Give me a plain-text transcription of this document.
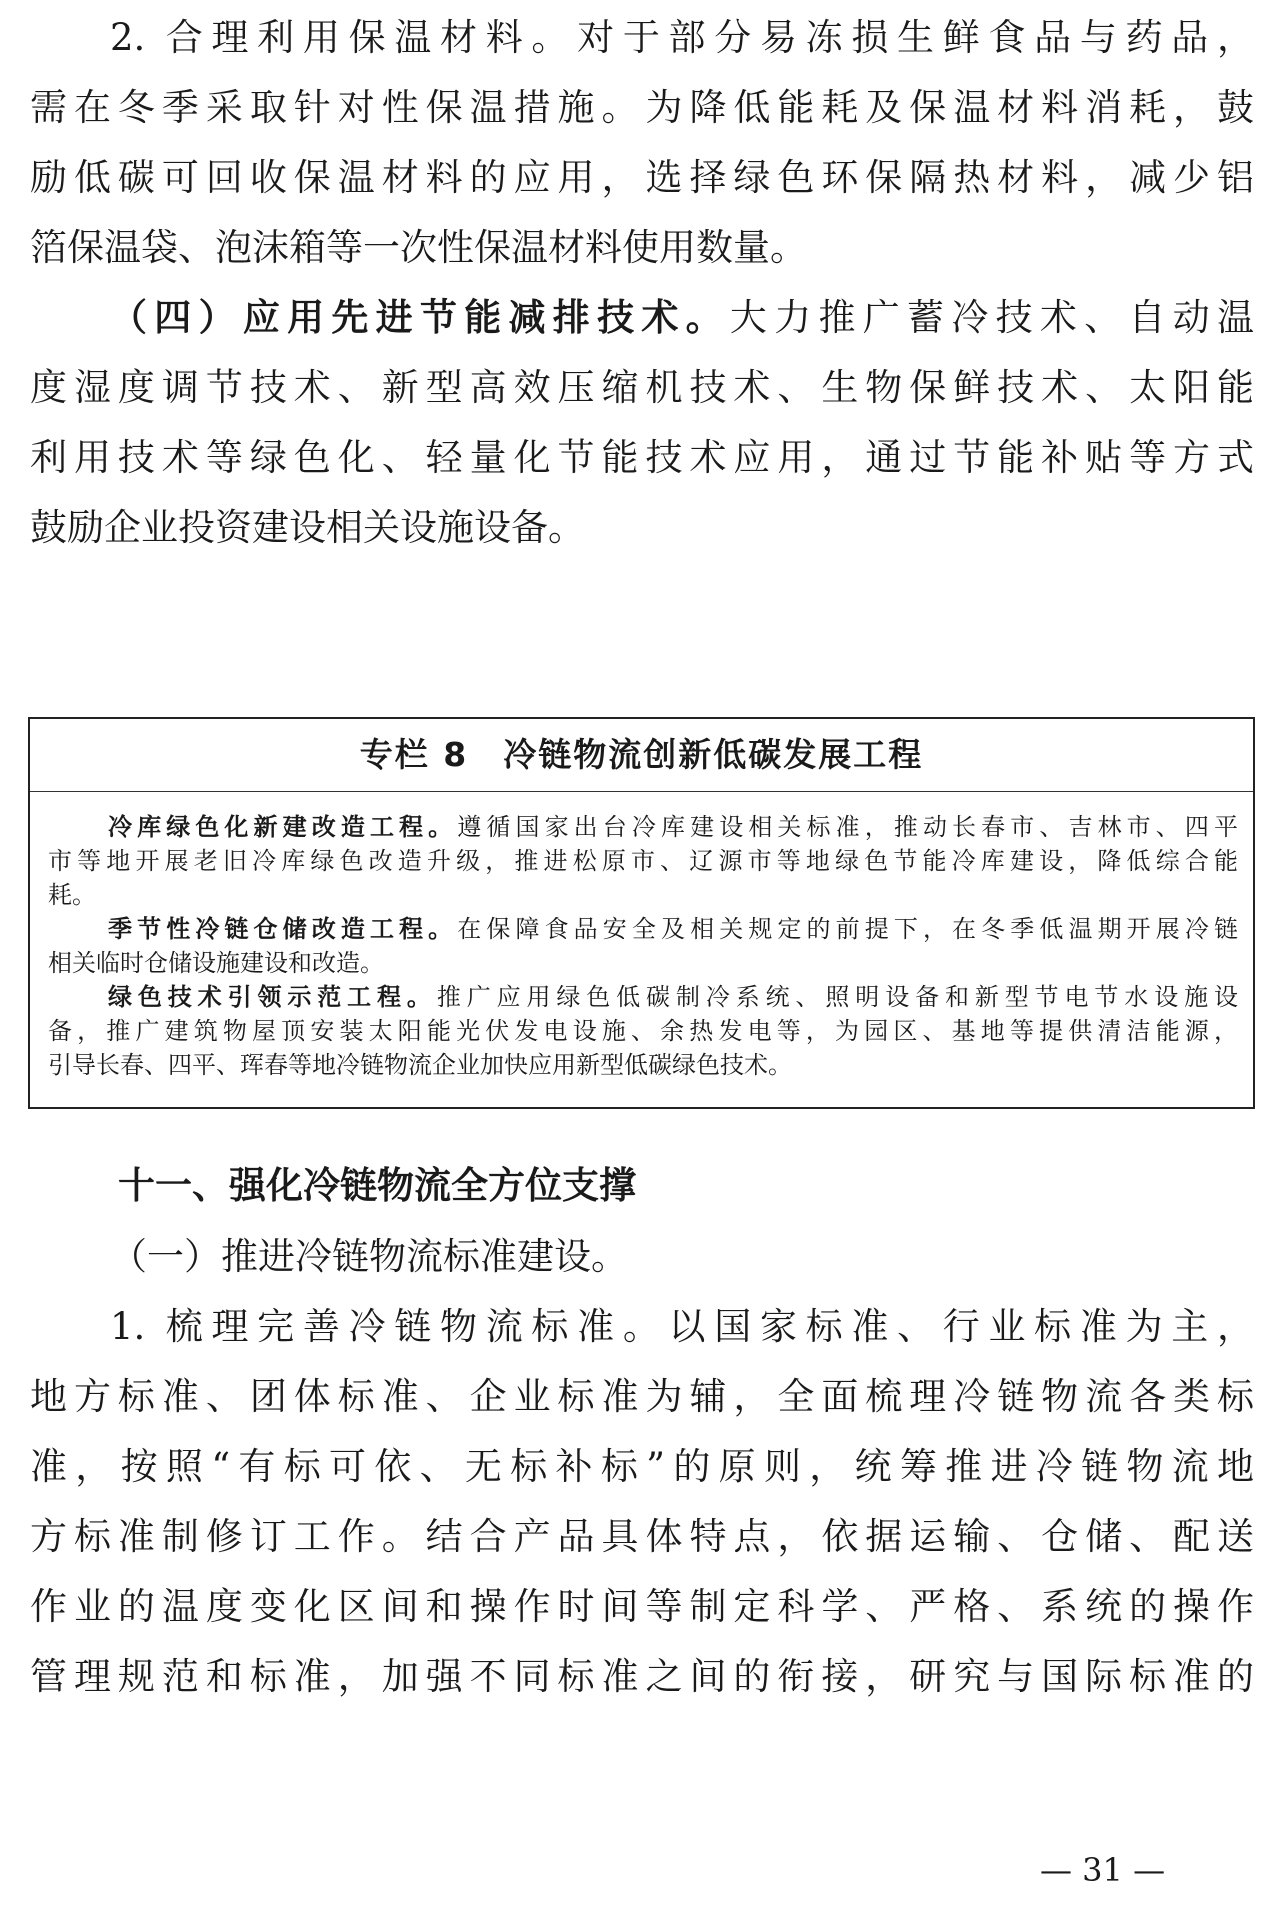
2. 合理利用保温材料。对于部分易冻损生鲜食品与药品，
需在冬季采取针对性保温措施。为降低能耗及保温材料消耗，鼓
励低碳可回收保温材料的应用，选择绿色环保隔热材料，减少铝
箔保温袋、泡沫箱等一次性保温材料使用数量。
（四）应用先进节能减排技术。大力推广蓄冷技术、自动温
度湿度调节技术、新型高效压缩机技术、生物保鲜技术、太阳能
利用技术等绿色化、轻量化节能技术应用，通过节能补贴等方式
鼓励企业投资建设相关设施设备。
专栏 8　冷链物流创新低碳发展工程
冷库绿色化新建改造工程。遵循国家出台冷库建设相关标准，推动长春市、吉林市、四平
市等地开展老旧冷库绿色改造升级，推进松原市、辽源市等地绿色节能冷库建设，降低综合能
耗。
季节性冷链仓储改造工程。在保障食品安全及相关规定的前提下，在冬季低温期开展冷链
相关临时仓储设施建设和改造。
绿色技术引领示范工程。推广应用绿色低碳制冷系统、照明设备和新型节电节水设施设
备，推广建筑物屋顶安装太阳能光伏发电设施、余热发电等，为园区、基地等提供清洁能源，
引导长春、四平、珲春等地冷链物流企业加快应用新型低碳绿色技术。
十一、强化冷链物流全方位支撑
（一）推进冷链物流标准建设。
1. 梳理完善冷链物流标准。以国家标准、行业标准为主，
地方标准、团体标准、企业标准为辅，全面梳理冷链物流各类标
准，按照“有标可依、无标补标”的原则，统筹推进冷链物流地
方标准制修订工作。结合产品具体特点，依据运输、仓储、配送
作业的温度变化区间和操作时间等制定科学、严格、系统的操作
管理规范和标准，加强不同标准之间的衔接，研究与国际标准的
— 31 —
